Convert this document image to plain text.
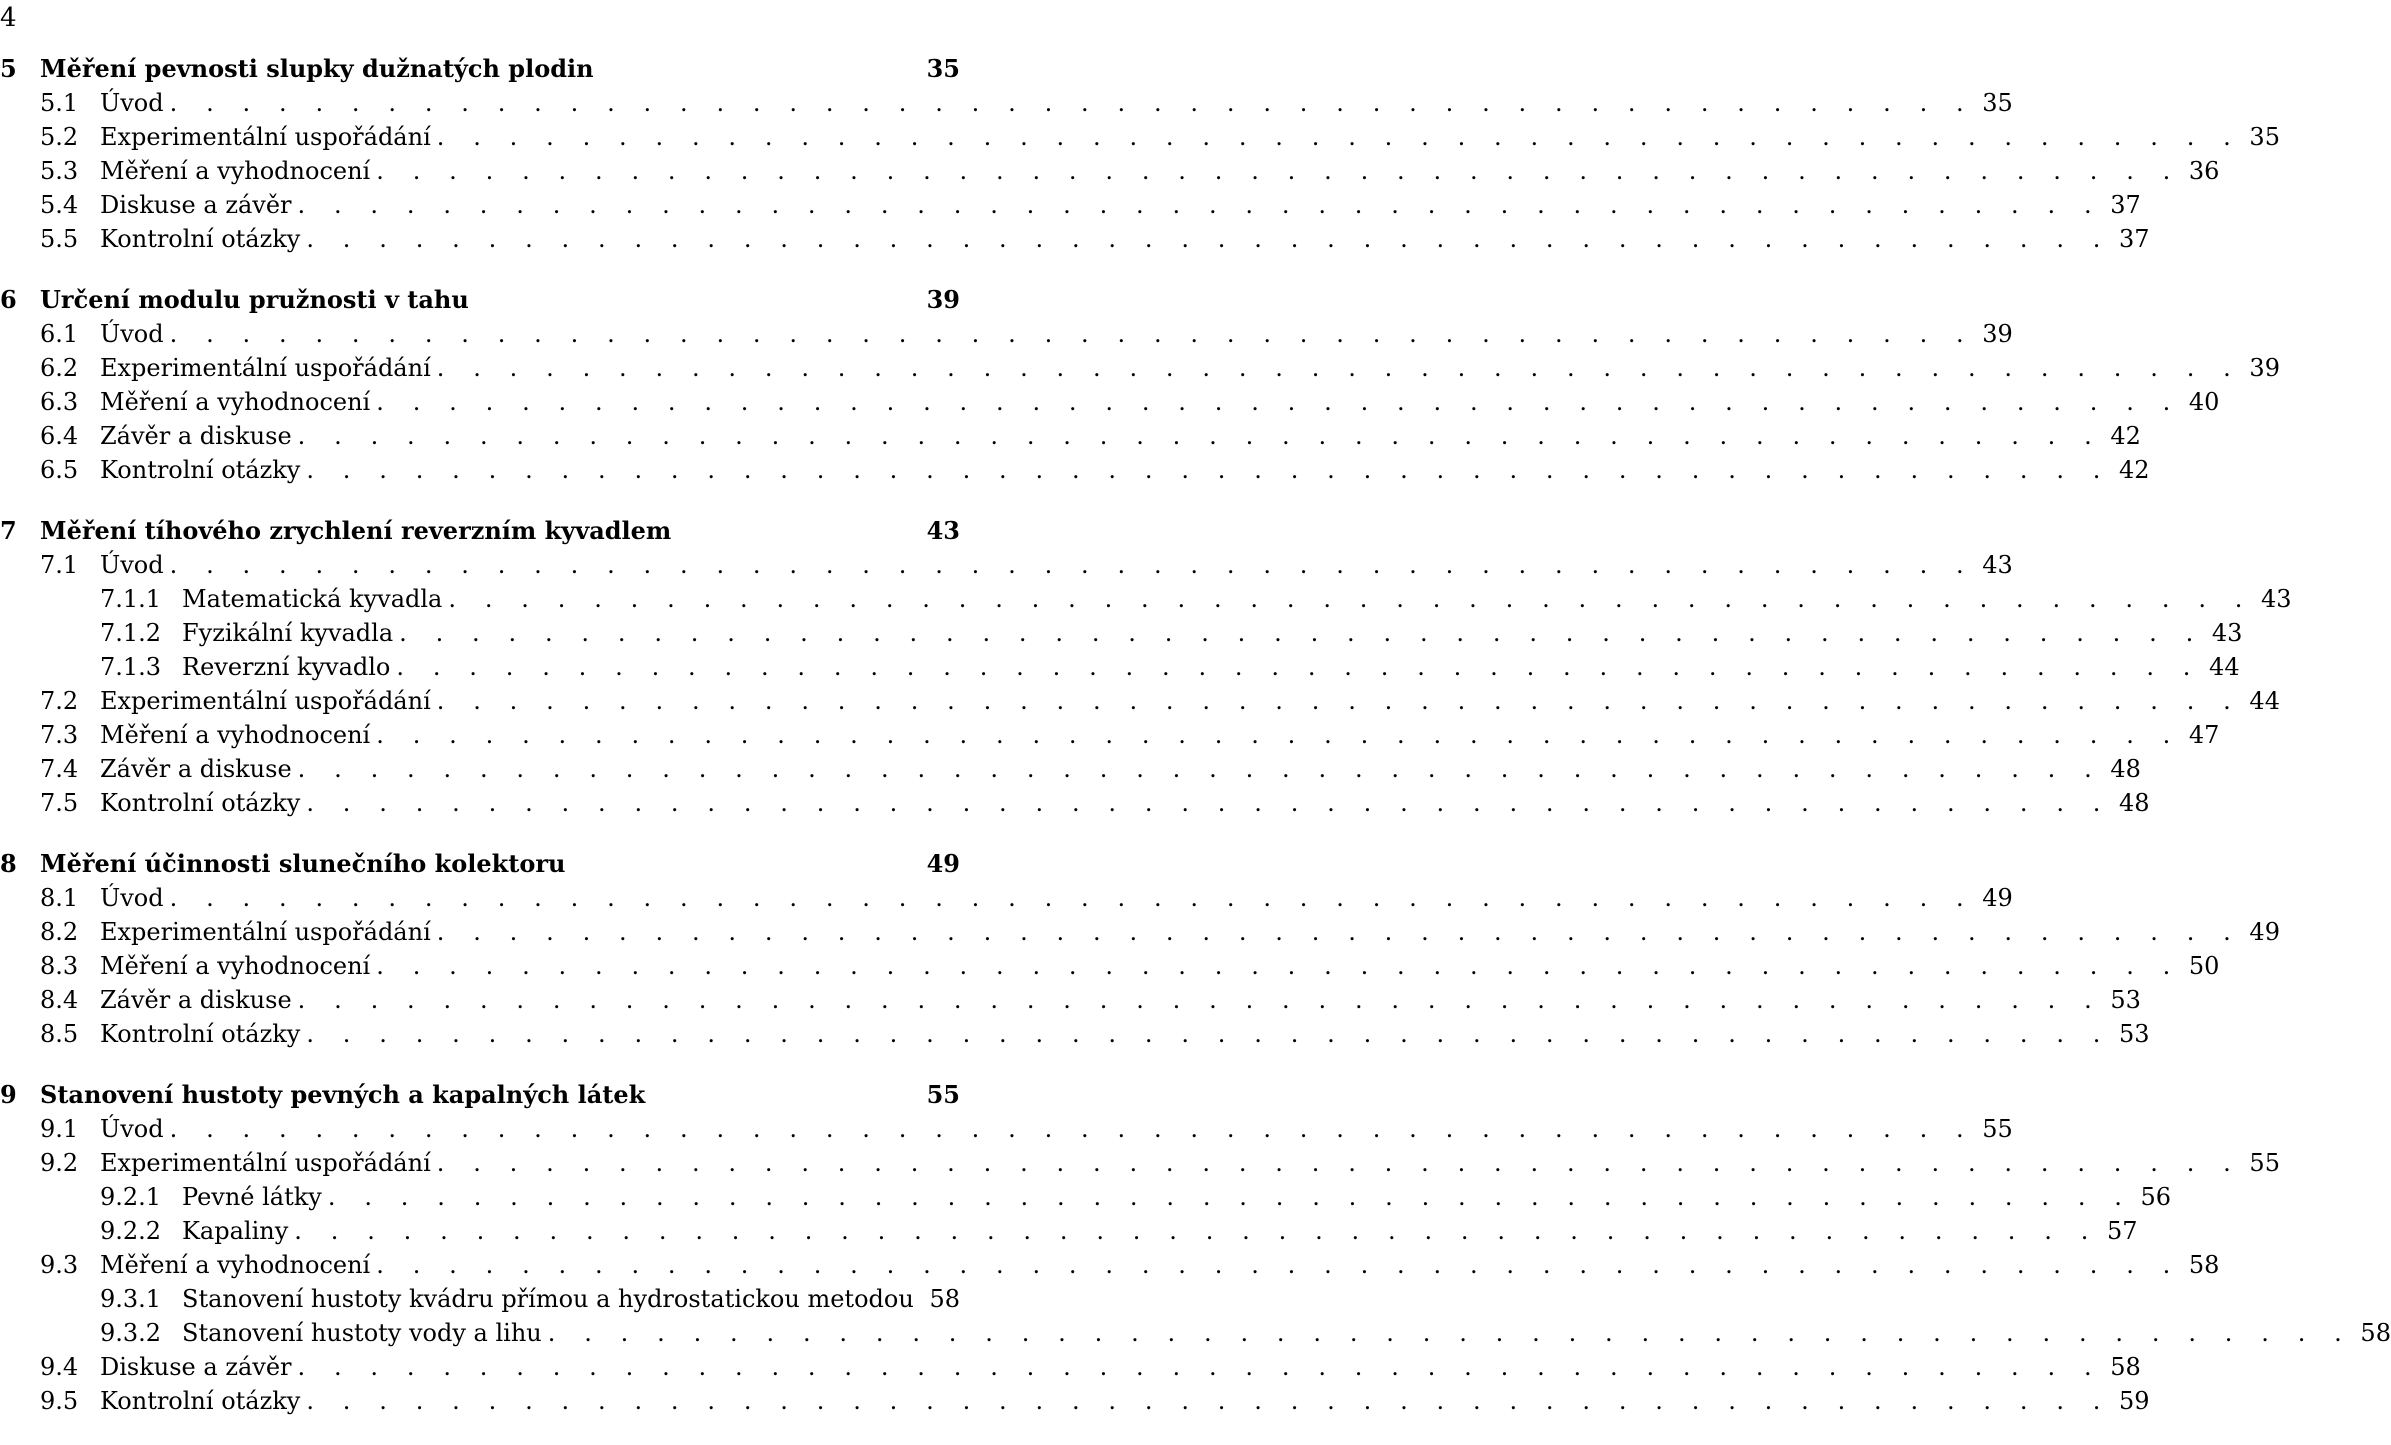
4
5 Měření pevnosti slupky dužnatých plodin	35
5.1 Úvod . . . . . . . . . . . . . . . . . . . . . . . . . . . . . . . . . . . . . . . . . . . . . . . . . . 35
5.2 Experimentální uspořádání . . . . . . . . . . . . . . . . . . . . . . . . . . . . . . . . . . . . . . . . . . . . . . . . . . 35
5.3 Měření a vyhodnocení . . . . . . . . . . . . . . . . . . . . . . . . . . . . . . . . . . . . . . . . . . . . . . . . . . 36
5.4 Diskuse a závěr . . . . . . . . . . . . . . . . . . . . . . . . . . . . . . . . . . . . . . . . . . . . . . . . . . 37
5.5 Kontrolní otázky . . . . . . . . . . . . . . . . . . . . . . . . . . . . . . . . . . . . . . . . . . . . . . . . . . 37
6 Určení modulu pružnosti v tahu	39
6.1 Úvod . . . . . . . . . . . . . . . . . . . . . . . . . . . . . . . . . . . . . . . . . . . . . . . . . . 39
6.2 Experimentální uspořádání . . . . . . . . . . . . . . . . . . . . . . . . . . . . . . . . . . . . . . . . . . . . . . . . . . 39
6.3 Měření a vyhodnocení . . . . . . . . . . . . . . . . . . . . . . . . . . . . . . . . . . . . . . . . . . . . . . . . . . 40
6.4 Závěr a diskuse . . . . . . . . . . . . . . . . . . . . . . . . . . . . . . . . . . . . . . . . . . . . . . . . . . 42
6.5 Kontrolní otázky . . . . . . . . . . . . . . . . . . . . . . . . . . . . . . . . . . . . . . . . . . . . . . . . . . 42
7 Měření tíhového zrychlení reverzním kyvadlem	43
7.1 Úvod . . . . . . . . . . . . . . . . . . . . . . . . . . . . . . . . . . . . . . . . . . . . . . . . . . 43
7.1.1 Matematická kyvadla . . . . . . . . . . . . . . . . . . . . . . . . . . . . . . . . . . . . . . . . . . . . . . . . . . 43
7.1.2 Fyzikální kyvadla . . . . . . . . . . . . . . . . . . . . . . . . . . . . . . . . . . . . . . . . . . . . . . . . . . 43
7.1.3 Reverzní kyvadlo . . . . . . . . . . . . . . . . . . . . . . . . . . . . . . . . . . . . . . . . . . . . . . . . . . 44
7.2 Experimentální uspořádání . . . . . . . . . . . . . . . . . . . . . . . . . . . . . . . . . . . . . . . . . . . . . . . . . . 44
7.3 Měření a vyhodnocení . . . . . . . . . . . . . . . . . . . . . . . . . . . . . . . . . . . . . . . . . . . . . . . . . . 47
7.4 Závěr a diskuse . . . . . . . . . . . . . . . . . . . . . . . . . . . . . . . . . . . . . . . . . . . . . . . . . . 48
7.5 Kontrolní otázky . . . . . . . . . . . . . . . . . . . . . . . . . . . . . . . . . . . . . . . . . . . . . . . . . . 48
8 Měření účinnosti slunečního kolektoru	49
8.1 Úvod . . . . . . . . . . . . . . . . . . . . . . . . . . . . . . . . . . . . . . . . . . . . . . . . . . 49
8.2 Experimentální uspořádání . . . . . . . . . . . . . . . . . . . . . . . . . . . . . . . . . . . . . . . . . . . . . . . . . . 49
8.3 Měření a vyhodnocení . . . . . . . . . . . . . . . . . . . . . . . . . . . . . . . . . . . . . . . . . . . . . . . . . . 50
8.4 Závěr a diskuse . . . . . . . . . . . . . . . . . . . . . . . . . . . . . . . . . . . . . . . . . . . . . . . . . . 53
8.5 Kontrolní otázky . . . . . . . . . . . . . . . . . . . . . . . . . . . . . . . . . . . . . . . . . . . . . . . . . . 53
9 Stanovení hustoty pevných a kapalných látek	55
9.1 Úvod . . . . . . . . . . . . . . . . . . . . . . . . . . . . . . . . . . . . . . . . . . . . . . . . . . 55
9.2 Experimentální uspořádání . . . . . . . . . . . . . . . . . . . . . . . . . . . . . . . . . . . . . . . . . . . . . . . . . . 55
9.2.1 Pevné látky . . . . . . . . . . . . . . . . . . . . . . . . . . . . . . . . . . . . . . . . . . . . . . . . . . 56
9.2.2 Kapaliny . . . . . . . . . . . . . . . . . . . . . . . . . . . . . . . . . . . . . . . . . . . . . . . . . . 57
9.3 Měření a vyhodnocení . . . . . . . . . . . . . . . . . . . . . . . . . . . . . . . . . . . . . . . . . . . . . . . . . . 58
9.3.1 Stanovení hustoty kvádru přímou a hydrostatickou metodou 58
9.3.2 Stanovení hustoty vody a lihu . . . . . . . . . . . . . . . . . . . . . . . . . . . . . . . . . . . . . . . . . . . . . . . . . . 58
9.4 Diskuse a závěr . . . . . . . . . . . . . . . . . . . . . . . . . . . . . . . . . . . . . . . . . . . . . . . . . . 58
9.5 Kontrolní otázky . . . . . . . . . . . . . . . . . . . . . . . . . . . . . . . . . . . . . . . . . . . . . . . . . . 59
